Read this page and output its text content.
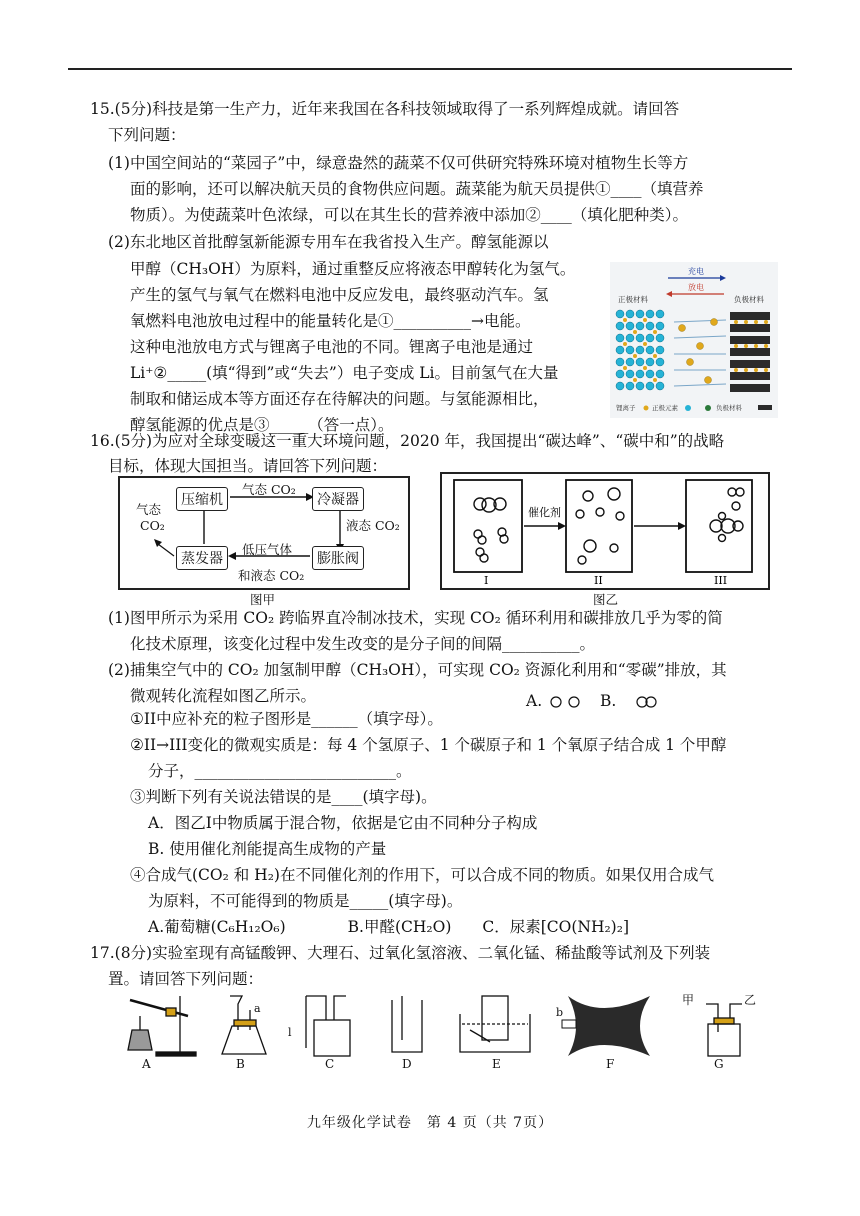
15.(5分)科技是第一生产力，近年来我国在各科技领域取得了一系列辉煌成就。请回答
下列问题：
(1)中国空间站的“菜园子”中，绿意盎然的蔬菜不仅可供研究特殊环境对植物生长等方
面的影响，还可以解决航天员的食物供应问题。蔬菜能为航天员提供①____（填营养
物质）。为使蔬菜叶色浓绿，可以在其生长的营养液中添加②____（填化肥种类）。
(2)东北地区首批醇氢新能源专用车在我省投入生产。醇氢能源以
甲醇（CH₃OH）为原料，通过重整反应将液态甲醇转化为氢气。
产生的氢气与氧气在燃料电池中反应发电，最终驱动汽车。氢
氧燃料电池放电过程中的能量转化是①__________→电能。
这种电池放电方式与锂离子电池的不同。锂离子电池是通过
Li⁺②_____(填“得到”或“失去”）电子变成 Li。目前氢气在大量
制取和储运成本等方面还存在待解决的问题。与氢能源相比，
醇氢能源的优点是③_____（答一点）。
充电
放电
正极材料	负极材料
锂离子	正极元素	负极材料
16.(5分)为应对全球变暖这一重大环境问题，2020 年，我国提出“碳达峰”、“碳中和”的战略
目标，体现大国担当。请回答下列问题：
压缩机	冷凝器
蒸发器	膨胀阀
气态 CO₂
液态 CO₂
低压气体
和液态 CO₂
气态
CO₂
图甲
催化剂
I	II	III
图乙
(1)图甲所示为采用 CO₂ 跨临界直冷制冰技术，实现 CO₂ 循环利用和碳排放几乎为零的简
化技术原理，该变化过程中发生改变的是分子间的间隔__________。
(2)捕集空气中的 CO₂ 加氢制甲醇（CH₃OH），可实现 CO₂ 资源化利用和“零碳”排放，其
微观转化流程如图乙所示。	A.	B.
①II中应补充的粒子图形是______（填字母）。
②II→III变化的微观实质是：每 4 个氢原子、1 个碳原子和 1 个氧原子结合成 1 个甲醇
分子，__________________________。
③判断下列有关说法错误的是____(填字母)。
A．图乙I中物质属于混合物，依据是它由不同种分子构成
B. 使用催化剂能提高生成物的产量
④合成气(CO₂ 和 H₂)在不同催化剂的作用下，可以合成不同的物质。如果仅用合成气
为原料，不可能得到的物质是_____(填字母)。
A.葡萄糖(C₆H₁₂O₆)　　　　B.甲醛(CH₂O)　　C．尿素[CO(NH₂)₂]
17.(8分)实验室现有高锰酸钾、大理石、过氧化氢溶液、二氧化锰、稀盐酸等试剂及下列装
置。请回答下列问题：
A
a
B
l
C	D	E
b
F
甲	乙
G
九年级化学试卷　第 4 页（共 7页）
